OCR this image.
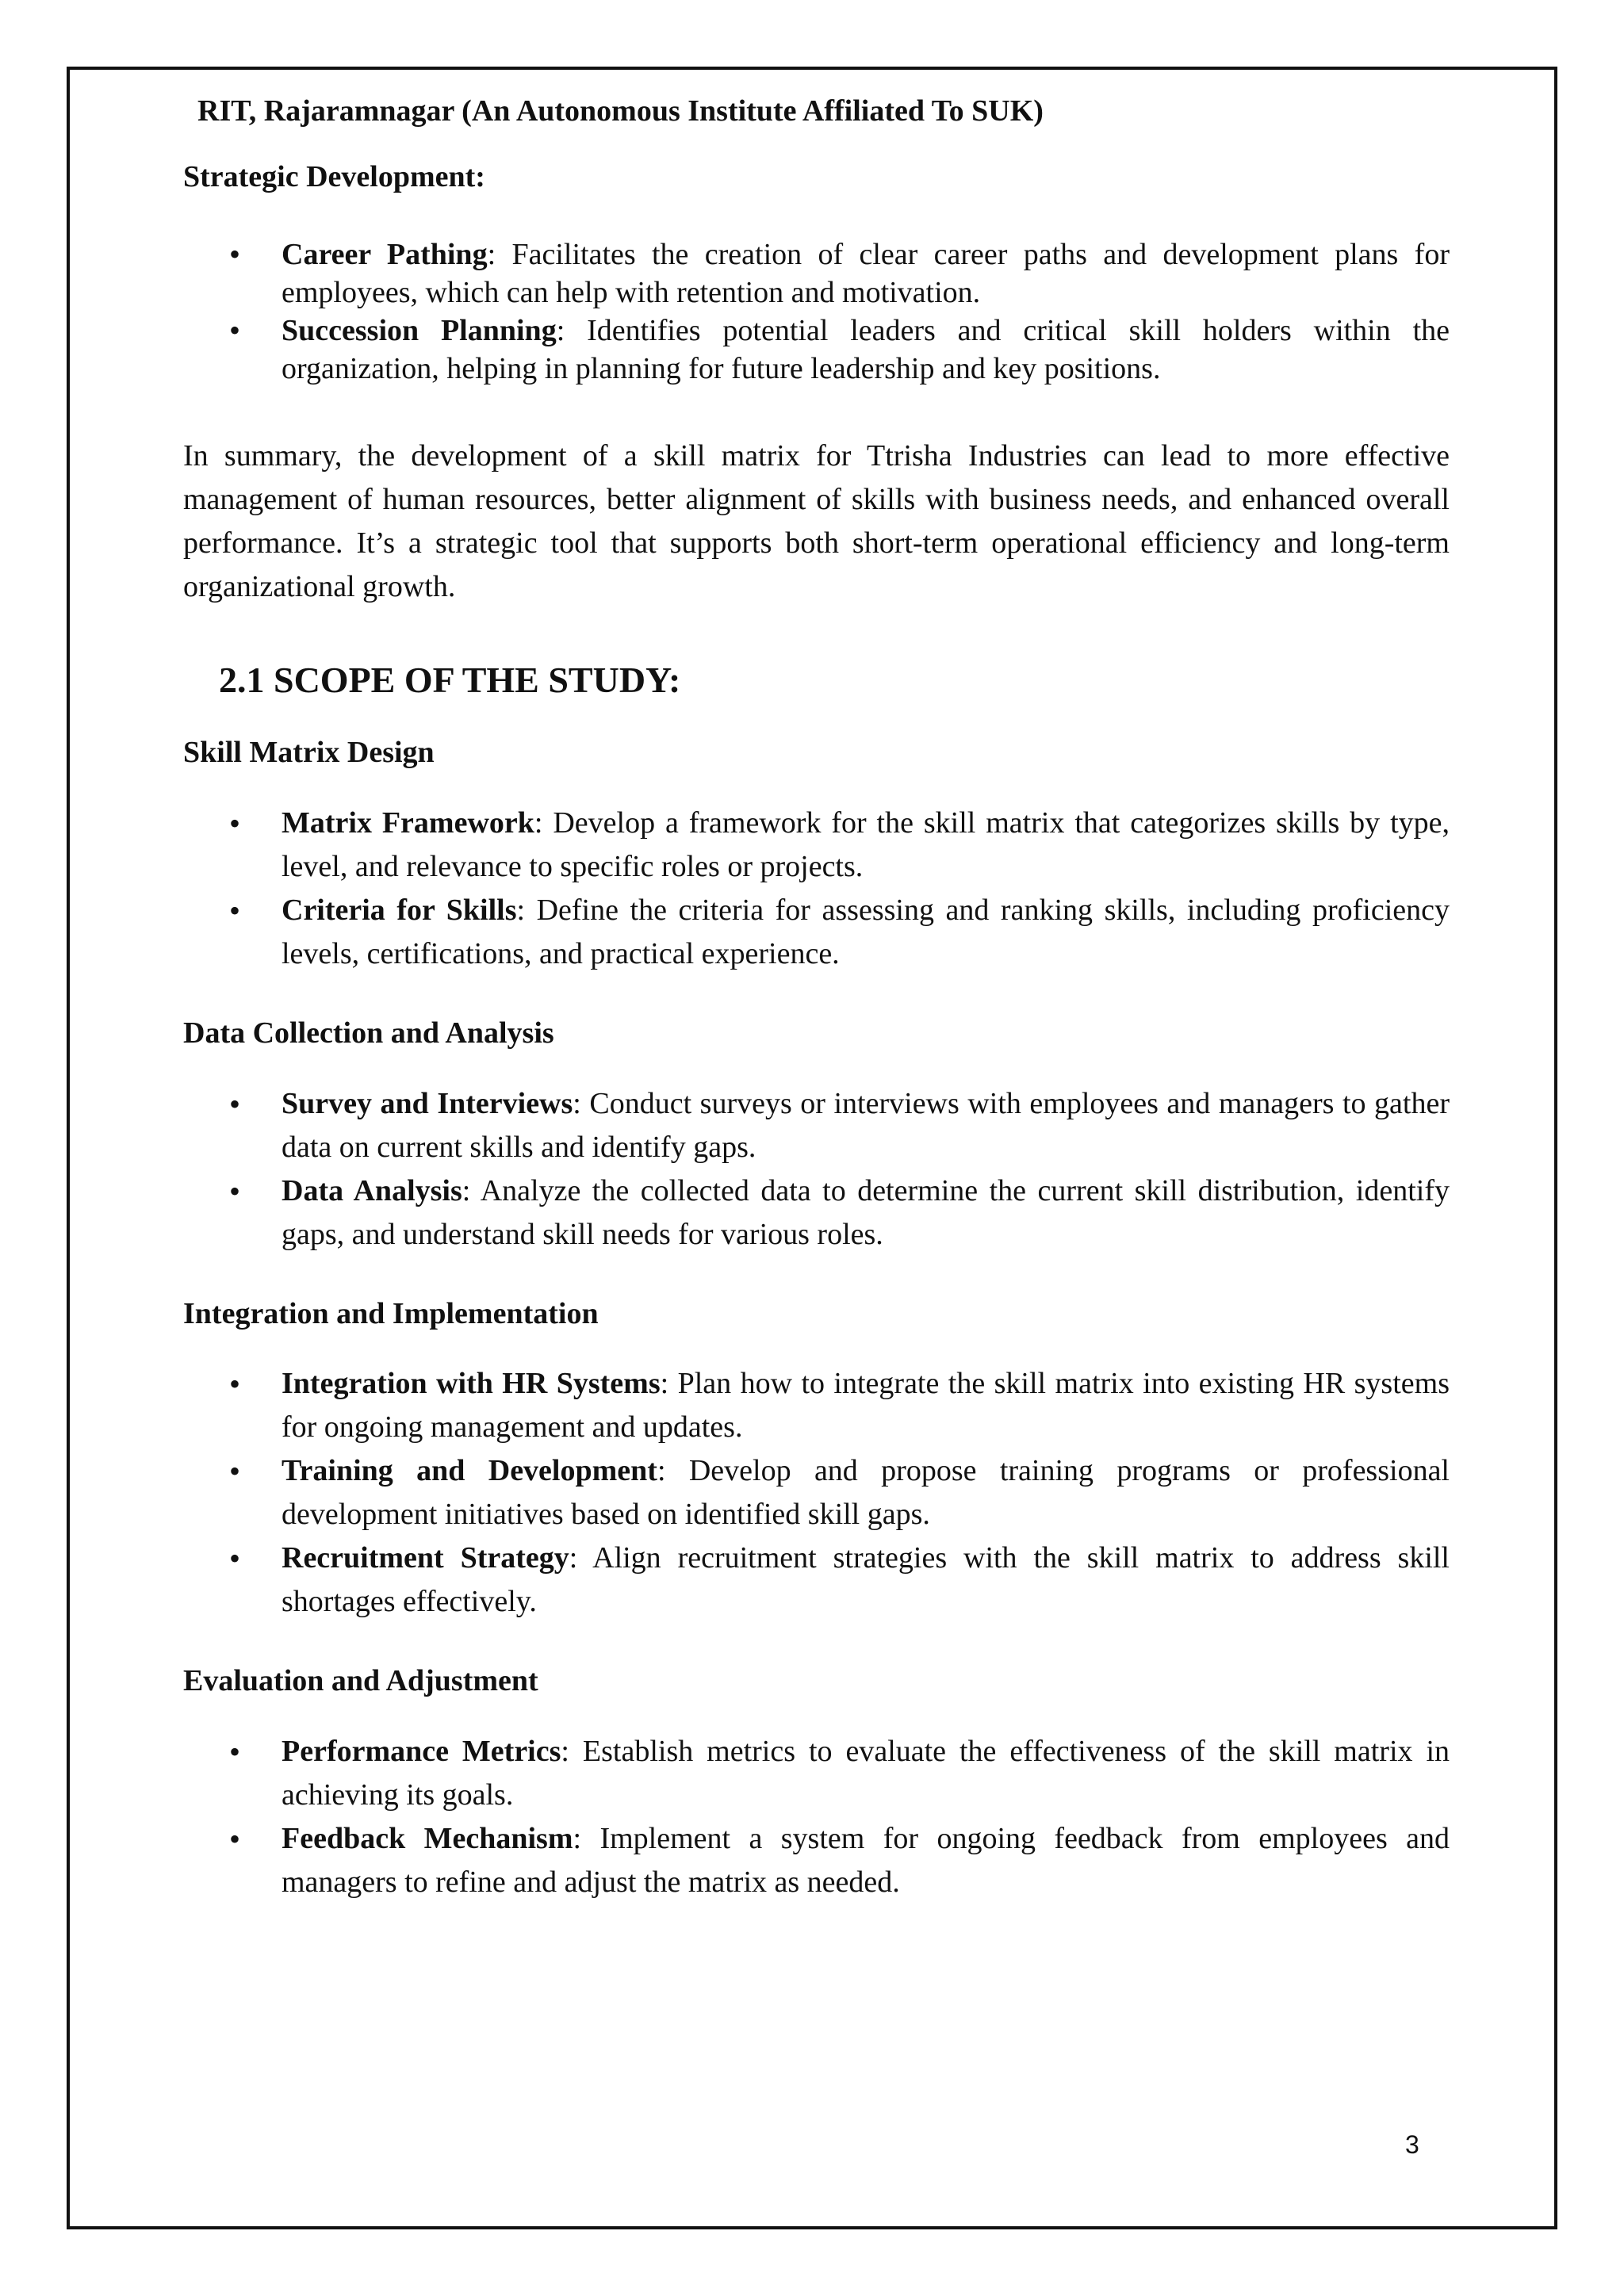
RIT, Rajaramnagar (An Autonomous Institute Affiliated To SUK)
Strategic Development:
• Career Pathing: Facilitates the creation of clear career paths and development plans for employees, which can help with retention and motivation.
• Succession Planning: Identifies potential leaders and critical skill holders within the organization, helping in planning for future leadership and key positions.

In summary, the development of a skill matrix for Ttrisha Industries can lead to more effective management of human resources, better alignment of skills with business needs, and enhanced overall performance. It’s a strategic tool that supports both short-term operational efficiency and long-term organizational growth.

2.1 SCOPE OF THE STUDY:
Skill Matrix Design
• Matrix Framework: Develop a framework for the skill matrix that categorizes skills by type, level, and relevance to specific roles or projects.
• Criteria for Skills: Define the criteria for assessing and ranking skills, including proficiency levels, certifications, and practical experience.
Data Collection and Analysis
• Survey and Interviews: Conduct surveys or interviews with employees and managers to gather data on current skills and identify gaps.
• Data Analysis: Analyze the collected data to determine the current skill distribution, identify gaps, and understand skill needs for various roles.
Integration and Implementation
• Integration with HR Systems: Plan how to integrate the skill matrix into existing HR systems for ongoing management and updates.
• Training and Development: Develop and propose training programs or professional development initiatives based on identified skill gaps.
• Recruitment Strategy: Align recruitment strategies with the skill matrix to address skill shortages effectively.
Evaluation and Adjustment
• Performance Metrics: Establish metrics to evaluate the effectiveness of the skill matrix in achieving its goals.
• Feedback Mechanism: Implement a system for ongoing feedback from employees and managers to refine and adjust the matrix as needed.
3
